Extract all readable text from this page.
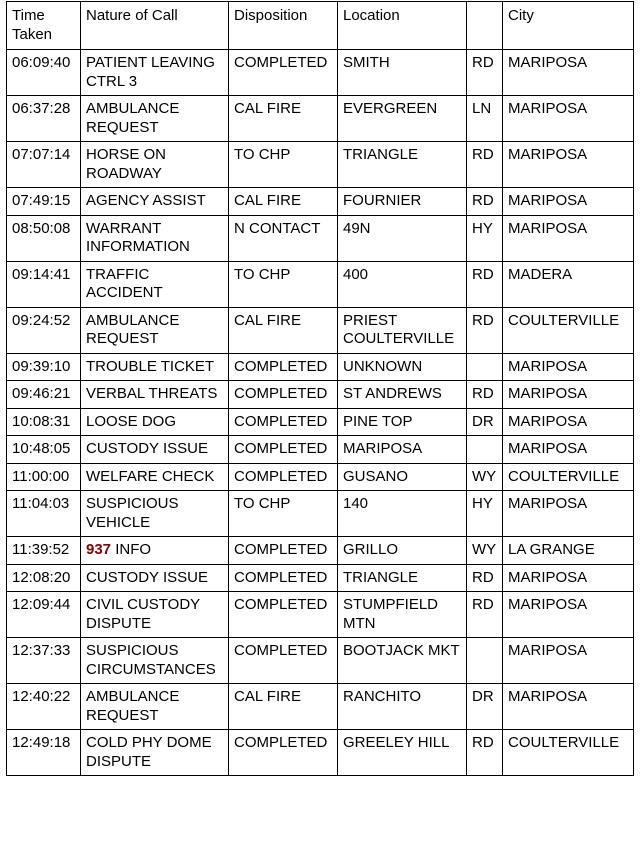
Time Taken	Nature of Call	Disposition	Location		City
06:09:40	PATIENT LEAVING CTRL 3	COMPLETED	SMITH	RD	MARIPOSA
06:37:28	AMBULANCE REQUEST	CAL FIRE	EVERGREEN	LN	MARIPOSA
07:07:14	HORSE ON ROADWAY	TO CHP	TRIANGLE	RD	MARIPOSA
07:49:15	AGENCY ASSIST	CAL FIRE	FOURNIER	RD	MARIPOSA
08:50:08	WARRANT INFORMATION	N CONTACT	49N	HY	MARIPOSA
09:14:41	TRAFFIC ACCIDENT	TO CHP	400	RD	MADERA
09:24:52	AMBULANCE REQUEST	CAL FIRE	PRIEST COULTERVILLE	RD	COULTERVILLE
09:39:10	TROUBLE TICKET	COMPLETED	UNKNOWN		MARIPOSA
09:46:21	VERBAL THREATS	COMPLETED	ST ANDREWS	RD	MARIPOSA
10:08:31	LOOSE DOG	COMPLETED	PINE TOP	DR	MARIPOSA
10:48:05	CUSTODY ISSUE	COMPLETED	MARIPOSA		MARIPOSA
11:00:00	WELFARE CHECK	COMPLETED	GUSANO	WY	COULTERVILLE
11:04:03	SUSPICIOUS VEHICLE	TO CHP	140	HY	MARIPOSA
11:39:52	937 INFO	COMPLETED	GRILLO	WY	LA GRANGE
12:08:20	CUSTODY ISSUE	COMPLETED	TRIANGLE	RD	MARIPOSA
12:09:44	CIVIL CUSTODY DISPUTE	COMPLETED	STUMPFIELD MTN	RD	MARIPOSA
12:37:33	SUSPICIOUS CIRCUMSTANCES	COMPLETED	BOOTJACK MKT		MARIPOSA
12:40:22	AMBULANCE REQUEST	CAL FIRE	RANCHITO	DR	MARIPOSA
12:49:18	COLD PHY DOME DISPUTE	COMPLETED	GREELEY HILL	RD	COULTERVILLE
